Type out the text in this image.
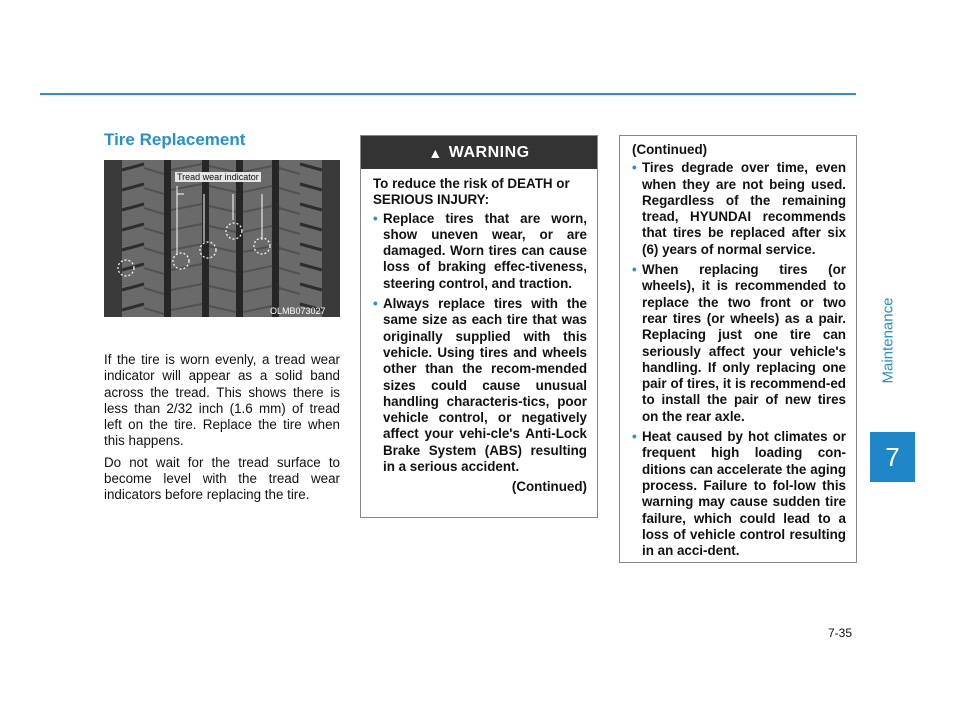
Maintenance
7
Tire Replacement
Tread wear indicator
OLMB073027

If the tire is worn evenly, a tread wear indicator will appear as a solid band across the tread. This shows there is less than 2/32 inch (1.6 mm) of tread left on the tire. Replace the tire when this happens.

Do not wait for the tread surface to become level with the tread wear indicators before replacing the tire.

▲ WARNING

To reduce the risk of DEATH or SERIOUS INJURY:

• Replace tires that are worn, show uneven wear, or are damaged. Worn tires can cause loss of braking effec-tiveness, steering control, and traction.
• Always replace tires with the same size as each tire that was originally supplied with this vehicle. Using tires and wheels other than the recom-mended sizes could cause unusual handling characteris-tics, poor vehicle control, or negatively affect your vehi-cle's Anti-Lock Brake System (ABS) resulting in a serious accident.

(Continued)

(Continued)

• Tires degrade over time, even when they are not being used. Regardless of the remaining tread, HYUNDAI recommends that tires be replaced after six (6) years of normal service.
• When replacing tires (or wheels), it is recommended to replace the two front or two rear tires (or wheels) as a pair. Replacing just one tire can seriously affect your vehicle's handling. If only replacing one pair of tires, it is recommend-ed to install the pair of new tires on the rear axle.
• Heat caused by hot climates or frequent high loading con-ditions can accelerate the aging process. Failure to fol-low this warning may cause sudden tire failure, which could lead to a loss of vehicle control resulting in an acci-dent.
7-35
